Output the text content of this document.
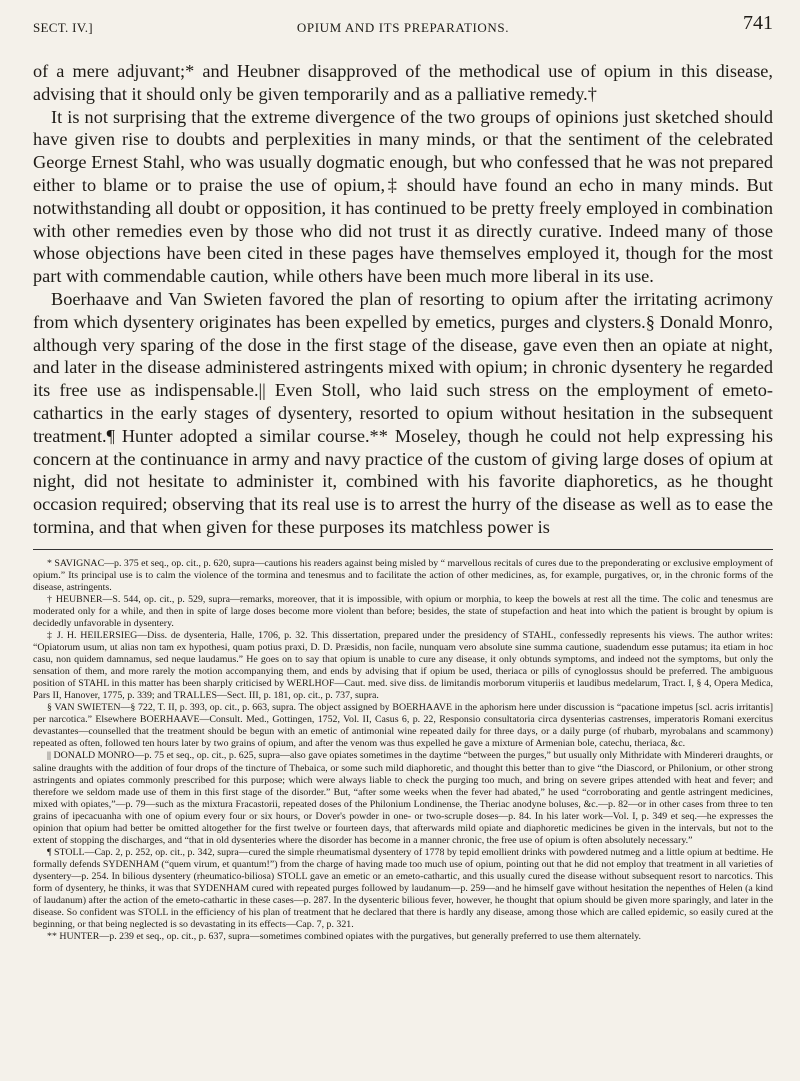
SECT. IV.]	OPIUM AND ITS PREPARATIONS.	741

of a mere adjuvant;* and Heubner disapproved of the methodical use of opium in this disease, advising that it should only be given temporarily and as a palliative remedy.†

It is not surprising that the extreme divergence of the two groups of opinions just sketched should have given rise to doubts and perplexities in many minds, or that the sentiment of the celebrated George Ernest Stahl, who was usually dogmatic enough, but who confessed that he was not prepared either to blame or to praise the use of opium,‡ should have found an echo in many minds. But notwithstanding all doubt or opposition, it has continued to be pretty freely employed in combination with other remedies even by those who did not trust it as directly curative. Indeed many of those whose objections have been cited in these pages have themselves employed it, though for the most part with commendable caution, while others have been much more liberal in its use.

Boerhaave and Van Swieten favored the plan of resorting to opium after the irritating acrimony from which dysentery originates has been expelled by emetics, purges and clysters.§ Donald Monro, although very sparing of the dose in the first stage of the disease, gave even then an opiate at night, and later in the disease administered astringents mixed with opium; in chronic dysentery he regarded its free use as indispensable.|| Even Stoll, who laid such stress on the employment of emeto-cathartics in the early stages of dysentery, resorted to opium without hesitation in the subsequent treatment.¶ Hunter adopted a similar course.** Moseley, though he could not help expressing his concern at the continuance in army and navy practice of the custom of giving large doses of opium at night, did not hesitate to administer it, combined with his favorite diaphoretics, as he thought occasion required; observing that its real use is to arrest the hurry of the disease as well as to ease the tormina, and that when given for these purposes its matchless power is

* SAVIGNAC—p. 375 et seq., op. cit., p. 620, supra—cautions his readers against being misled by “ marvellous recitals of cures due to the preponderating or exclusive employment of opium.” Its principal use is to calm the violence of the tormina and tenesmus and to facilitate the action of other medicines, as, for example, purgatives, or, in the chronic forms of the disease, astringents.

† HEUBNER—S. 544, op. cit., p. 529, supra—remarks, moreover, that it is impossible, with opium or morphia, to keep the bowels at rest all the time. The colic and tenesmus are moderated only for a while, and then in spite of large doses become more violent than before; besides, the state of stupefaction and heat into which the patient is brought by opium is decidedly unfavorable in dysentery.

‡ J. H. HEILERSIEG—Diss. de dysenteria, Halle, 1706, p. 32. This dissertation, prepared under the presidency of STAHL, confessedly represents his views. The author writes: “Opiatorum usum, ut alias non tam ex hypothesi, quam potius praxi, D. D. Præsidis, non facile, nunquam vero absolute sine summa cautione, suadendum esse putamus; ita etiam in hoc casu, non quidem damnamus, sed neque laudamus.” He goes on to say that opium is unable to cure any disease, it only obtunds symptoms, and indeed not the symptoms, but only the sensation of them, and more rarely the motion accompanying them, and ends by advising that if opium be used, theriaca or pills of cynoglossus should be preferred. The ambiguous position of STAHL in this matter has been sharply criticised by WERLHOF—Caut. med. sive diss. de limitandis morborum vituperiis et laudibus medelarum, Tract. I, § 4, Opera Medica, Pars II, Hanover, 1775, p. 339; and TRALLES—Sect. III, p. 181, op. cit., p. 737, supra.

§ VAN SWIETEN—§ 722, T. II, p. 393, op. cit., p. 663, supra. The object assigned by BOERHAAVE in the aphorism here under discussion is “pacatione impetus [scl. acris irritantis] per narcotica.” Elsewhere BOERHAAVE—Consult. Med., Gottingen, 1752, Vol. II, Casus 6, p. 22, Responsio consultatoria circa dysenterias castrenses, imperatoris Romani exercitus devastantes—counselled that the treatment should be begun with an emetic of antimonial wine repeated daily for three days, or a daily purge (of rhubarb, myrobalans and scammony) repeated as often, followed ten hours later by two grains of opium, and after the venom was thus expelled he gave a mixture of Armenian bole, catechu, theriaca, &c.

|| DONALD MONRO—p. 75 et seq., op. cit., p. 625, supra—also gave opiates sometimes in the daytime “between the purges,” but usually only Mithridate with Mindereri draughts, or saline draughts with the addition of four drops of the tincture of Thebaica, or some such mild diaphoretic, and thought this better than to give “the Diascord, or Philonium, or other strong astringents and opiates commonly prescribed for this purpose; which were always liable to check the purging too much, and bring on severe gripes attended with heat and fever; and therefore we seldom made use of them in this first stage of the disorder.” But, “after some weeks when the fever had abated,” he used “corroborating and gentle astringent medicines, mixed with opiates,”—p. 79—such as the mixtura Fracastorii, repeated doses of the Philonium Londinense, the Theriac anodyne boluses, &c.—p. 82—or in other cases from three to ten grains of ipecacuanha with one of opium every four or six hours, or Dover's powder in one- or two-scruple doses—p. 84. In his later work—Vol. I, p. 349 et seq.—he expresses the opinion that opium had better be omitted altogether for the first twelve or fourteen days, that afterwards mild opiate and diaphoretic medicines be given in the intervals, but not to the extent of stopping the discharges, and “that in old dysenteries where the disorder has become in a manner chronic, the free use of opium is often absolutely necessary.”

¶ STOLL—Cap. 2, p. 252, op. cit., p. 342, supra—cured the simple rheumatismal dysentery of 1778 by tepid emollient drinks with powdered nutmeg and a little opium at bedtime. He formally defends SYDENHAM (“quem virum, et quantum!”) from the charge of having made too much use of opium, pointing out that he did not employ that treatment in all varieties of dysentery—p. 254. In bilious dysentery (rheumatico-biliosa) STOLL gave an emetic or an emeto-cathartic, and this usually cured the disease without subsequent resort to narcotics. This form of dysentery, he thinks, it was that SYDENHAM cured with repeated purges followed by laudanum—p. 259—and he himself gave without hesitation the nepenthes of Helen (a kind of laudanum) after the action of the emeto-cathartic in these cases—p. 287. In the dysenteric bilious fever, however, he thought that opium should be given more sparingly, and later in the disease. So confident was STOLL in the efficiency of his plan of treatment that he declared that there is hardly any disease, among those which are called epidemic, so easily cured at the beginning, or that being neglected is so devastating in its effects—Cap. 7, p. 321.

** HUNTER—p. 239 et seq., op. cit., p. 637, supra—sometimes combined opiates with the purgatives, but generally preferred to use them alternately.
